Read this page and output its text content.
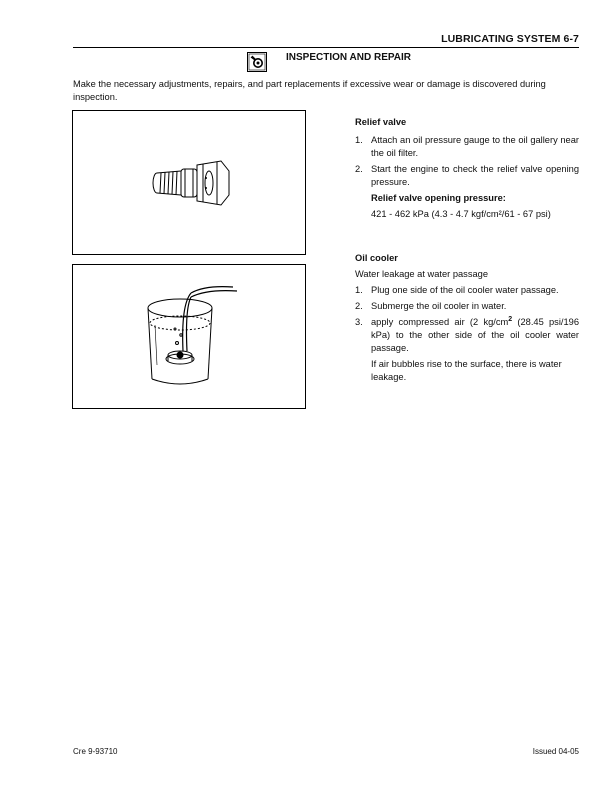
LUBRICATING SYSTEM 6-7
INSPECTION AND REPAIR
Make the necessary adjustments, repairs, and part replacements if excessive wear or damage is discovered during inspection.
Relief valve
1. Attach an oil pressure gauge to the oil gallery near the oil filter.
2. Start the engine to check the relief valve opening pressure.
Relief valve opening pressure:
421 - 462 kPa (4.3 - 4.7 kgf/cm²/61 - 67 psi)
Oil cooler
Water leakage at water passage
1. Plug one side of the oil cooler water passage.
2. Submerge the oil cooler in water.
3. apply compressed air (2 $kg/cm^2$ (28.45 psi/196 kPa) to the other side of the oil cooler water passage.
If air bubbles rise to the surface, there is water leakage.
Cre 9-93710	Issued 04-05
